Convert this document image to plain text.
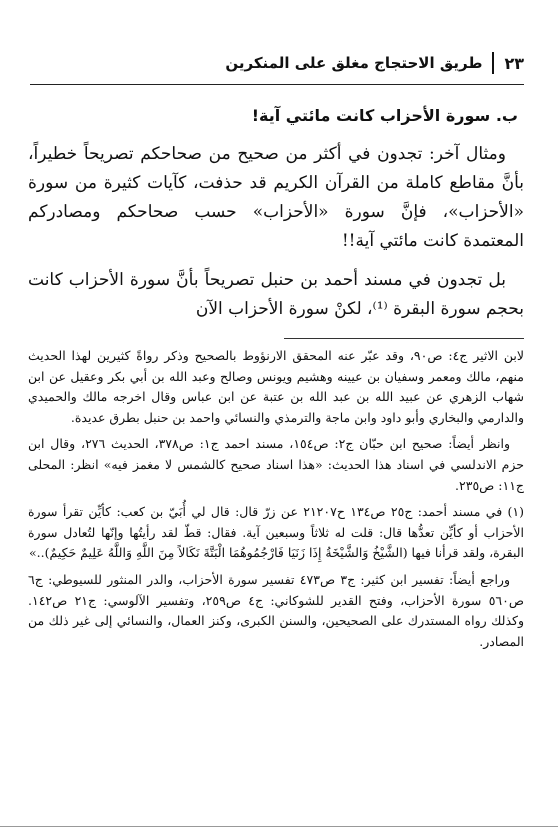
٢٣
طريق الاحتجاج مغلق على المنكرين
ب. سورة الأحزاب كانت مائتي آية!

ومثال آخر: تجدون في أكثر من صحيح من صحاحكم تصريحاً خطيراً، بأنَّ مقاطع كاملة من القرآن الكريم قد حذفت، كآيات كثيرة من سورة «الأحزاب»، فإنَّ سورة «الأحزاب» حسب صحاحكم ومصادركم المعتمدة كانت مائتي آية!!

بل تجدون في مسند أحمد بن حنبل تصريحاً بأنَّ سورة الأحزاب كانت بحجم سورة البقرة ⁽¹⁾، لكنْ سورة الأحزاب الآن

لابن الاثير ج٤: ص٩٠، وقد عبّر عنه المحقق الارنؤوط بالصحيح وذكر رواةً كثيرين لهذا الحديث منهم، مالك ومعمر وسفيان بن عيينه وهشيم ويونس وصالح وعبد الله بن أبي بكر وعقيل عن ابن شهاب الزهري عن عبيد الله بن عبد الله بن عتبة عن ابن عباس وقال اخرجه مالك والحميدي والدارمي والبخاري وأبو داود وابن ماجة والترمذي والنسائي واحمد بن حنبل بطرق عديدة.

وانظر أيضاً: صحيح ابن حبّان ج٢: ص١٥٤، مسند احمد ج١: ص٣٧٨، الحديث ٢٧٦، وقال ابن حزم الاندلسي في اسناد هذا الحديث: «هذا اسناد صحيح كالشمس لا مغمز فيه» انظر: المحلى ج١١: ص٢٣٥.

(١) في مسند أحمد: ج٢٥ ص١٣٤ ح٢١٢٠٧ عن زرّ قال: قال لي أُبَيّ بن كعب: كأيِّن تقرأ سورة الأحزاب أو كأيِّن تعدُّها قال: قلت له ثلاثاً وسبعين آية. فقال: قطّ لقد رأيتُها وإنّها لتُعادل سورة البقرة، ولقد قرأنا فيها (الشَّيْخُ وَالشَّيْخَةُ إِذَا زَنَيَا فَارْجُمُوهُمَا الْبَتَّةَ نَكَالاً مِنَ اللَّهِ وَاللَّهُ عَلِيمٌ حَكِيمٌ)..»

وراجع أيضاً: تفسير ابن كثير: ج٣ ص٤٧٣ تفسير سورة الأحزاب، والدر المنثور للسيوطي: ج٦ ص٥٦٠ سورة الأحزاب، وفتح القدير للشوكاني: ج٤ ص٢٥٩، وتفسير الآلوسي: ج٢١ ص١٤٢. وكذلك رواه المستدرك على الصحيحين، والسنن الكبرى، وكنز العمال، والنسائي إلى غير ذلك من المصادر.
